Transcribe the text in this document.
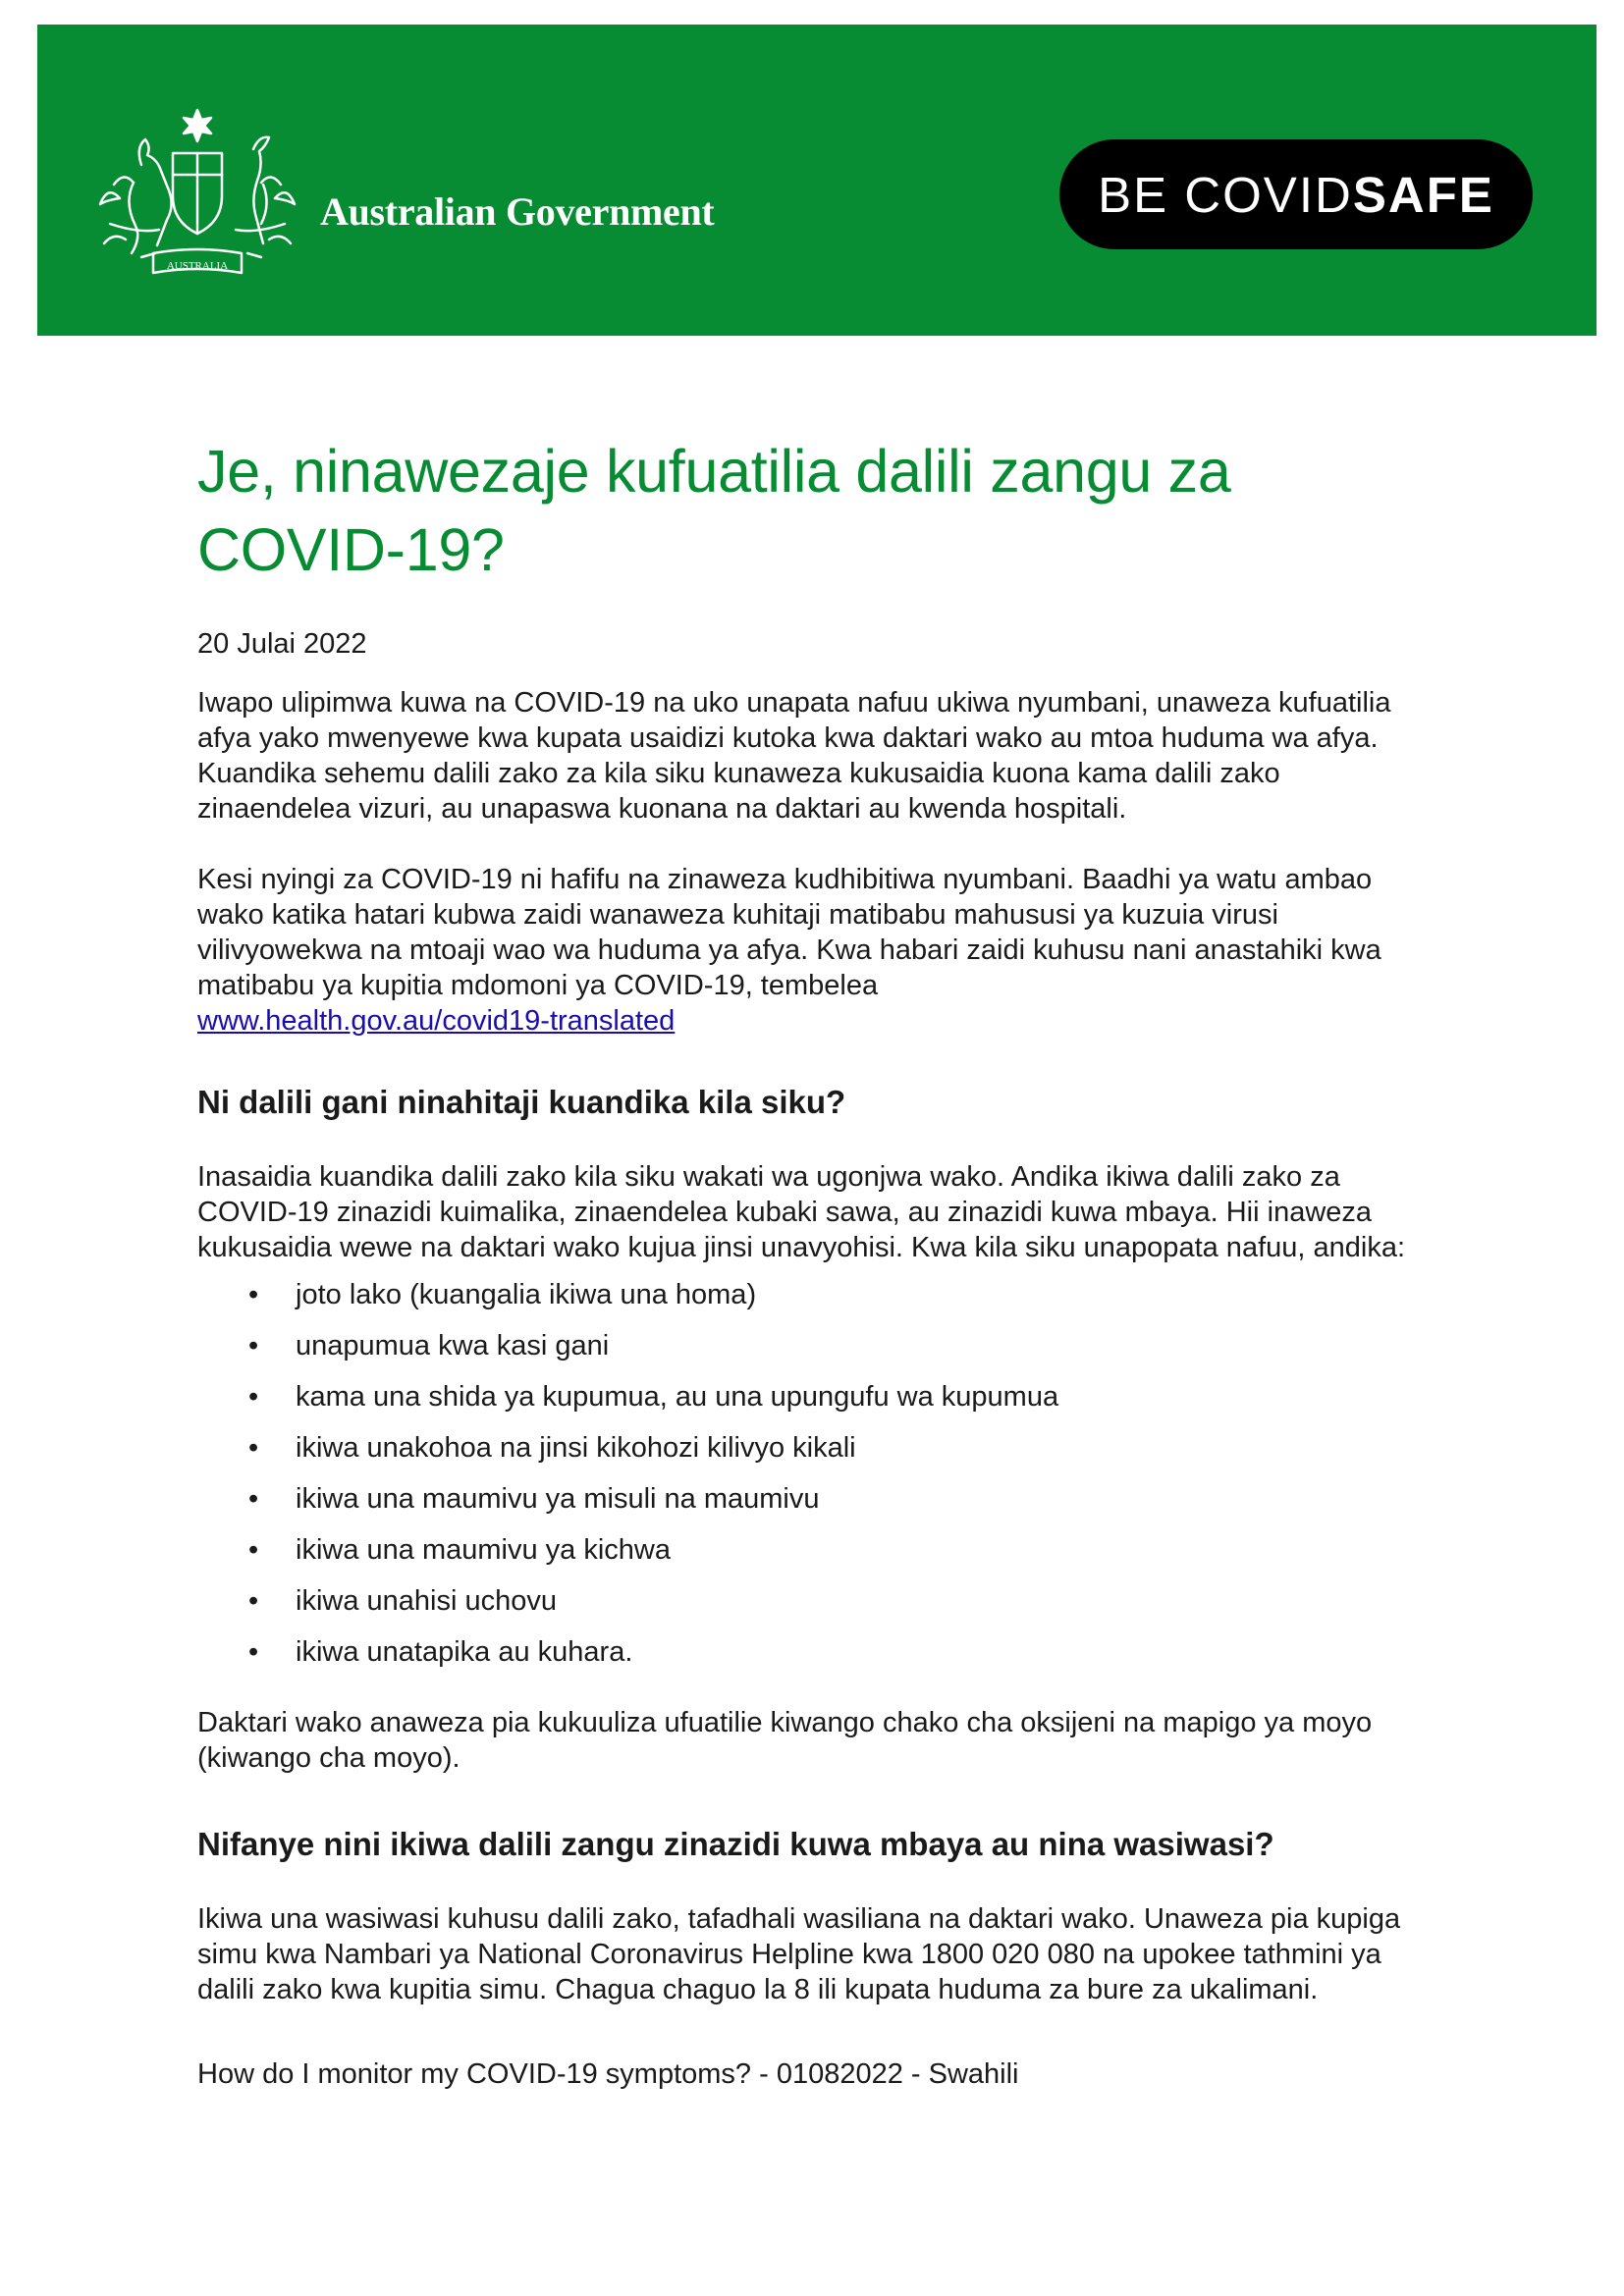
AUSTRALIA
Australian Government	BE COVID SAFE
Je, ninawezaje kufuatilia dalili zangu za COVID-19?

20 Julai 2022

Iwapo ulipimwa kuwa na COVID-19 na uko unapata nafuu ukiwa nyumbani, unaweza kufuatilia afya yako mwenyewe kwa kupata usaidizi kutoka kwa daktari wako au mtoa huduma wa afya. Kuandika sehemu dalili zako za kila siku kunaweza kukusaidia kuona kama dalili zako zinaendelea vizuri, au unapaswa kuonana na daktari au kwenda hospitali.

Kesi nyingi za COVID-19 ni hafifu na zinaweza kudhibitiwa nyumbani. Baadhi ya watu ambao wako katika hatari kubwa zaidi wanaweza kuhitaji matibabu mahususi ya kuzuia virusi vilivyowekwa na mtoaji wao wa huduma ya afya. Kwa habari zaidi kuhusu nani anastahiki kwa matibabu ya kupitia mdomoni ya COVID-19, tembelea
www.health.gov.au/covid19-translated

Ni dalili gani ninahitaji kuandika kila siku?

Inasaidia kuandika dalili zako kila siku wakati wa ugonjwa wako. Andika ikiwa dalili zako za COVID-19 zinazidi kuimalika, zinaendelea kubaki sawa, au zinazidi kuwa mbaya. Hii inaweza kukusaidia wewe na daktari wako kujua jinsi unavyohisi. Kwa kila siku unapopata nafuu, andika:

• joto lako (kuangalia ikiwa una homa)
• unapumua kwa kasi gani
• kama una shida ya kupumua, au una upungufu wa kupumua
• ikiwa unakohoa na jinsi kikohozi kilivyo kikali
• ikiwa una maumivu ya misuli na maumivu
• ikiwa una maumivu ya kichwa
• ikiwa unahisi uchovu
• ikiwa unatapika au kuhara.

Daktari wako anaweza pia kukuuliza ufuatilie kiwango chako cha oksijeni na mapigo ya moyo (kiwango cha moyo).

Nifanye nini ikiwa dalili zangu zinazidi kuwa mbaya au nina wasiwasi?

Ikiwa una wasiwasi kuhusu dalili zako, tafadhali wasiliana na daktari wako. Unaweza pia kupiga simu kwa Nambari ya National Coronavirus Helpline kwa 1800 020 080 na upokee tathmini ya dalili zako kwa kupitia simu. Chagua chaguo la 8 ili kupata huduma za bure za ukalimani.

How do I monitor my COVID-19 symptoms? - 01082022 - Swahili
